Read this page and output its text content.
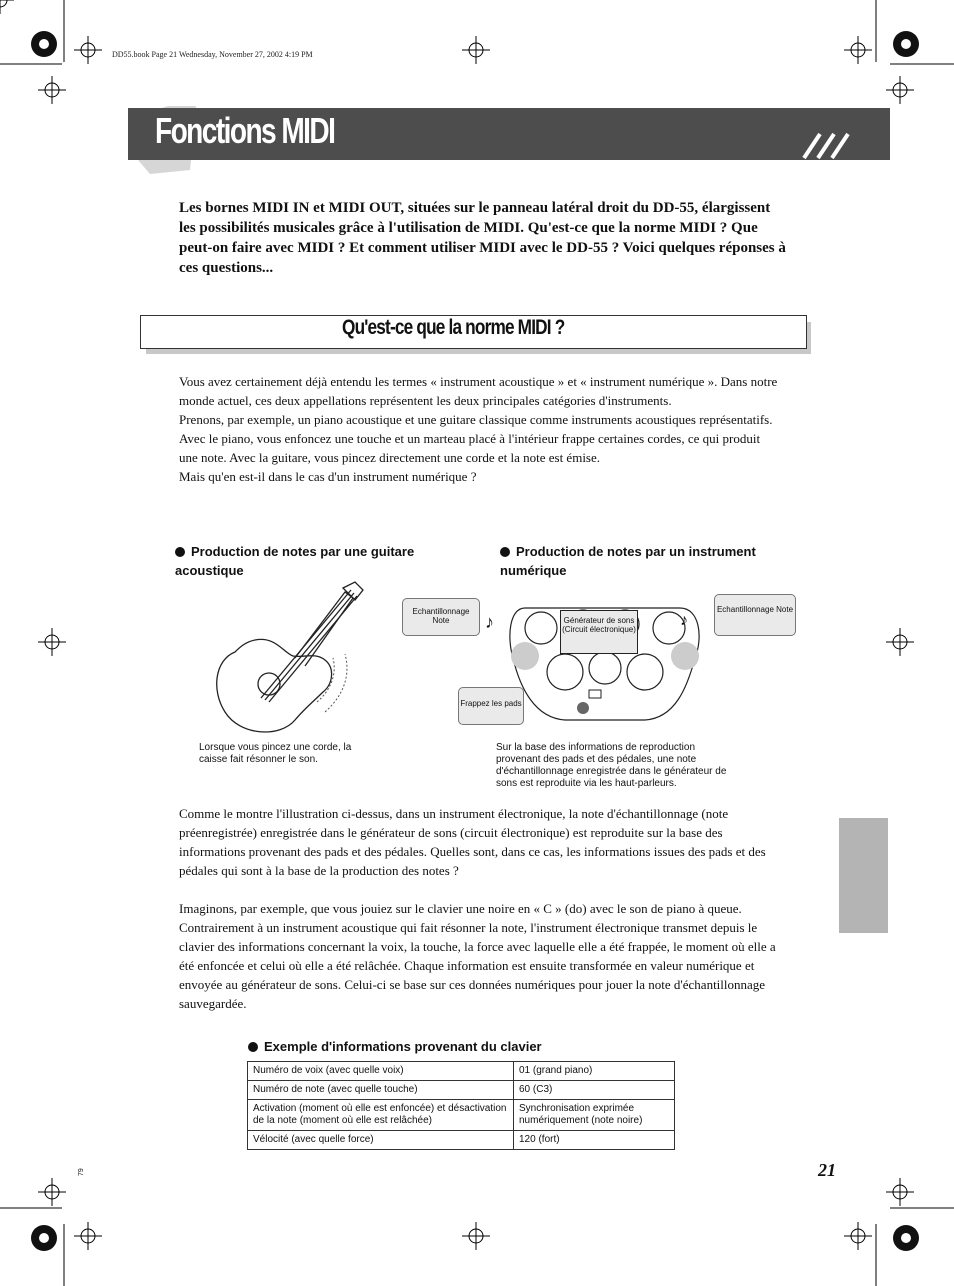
DD55.book Page 21 Wednesday, November 27, 2002 4:19 PM
Fonctions MIDI
Les bornes MIDI IN et MIDI OUT, situées sur le panneau latéral droit du DD-55, élargissent les possibilités musicales grâce à l'utilisation de MIDI. Qu'est-ce que la norme MIDI ? Que peut-on faire avec MIDI ? Et comment utiliser MIDI avec le DD-55 ? Voici quelques réponses à ces questions...
Qu'est-ce que la norme MIDI ?

Vous avez certainement déjà entendu les termes « instrument acoustique » et « instrument numérique ». Dans notre monde actuel, ces deux appellations représentent les deux principales catégories d'instruments.

Prenons, par exemple, un piano acoustique et une guitare classique comme instruments acoustiques représentatifs. Avec le piano, vous enfoncez une touche et un marteau placé à l'intérieur frappe certaines cordes, ce qui produit une note. Avec la guitare, vous pincez directement une corde et la note est émise.

Mais qu'en est-il dans le cas d'un instrument numérique ?

Production de notes par une guitare acoustique
Production de notes par un instrument numérique
Echantillonnage Note
Echantillonnage Note
Générateur de sons (Circuit électronique)
Frappez les pads
♪	♪
Lorsque vous pincez une corde, la caisse fait résonner le son.
Sur la base des informations de reproduction provenant des pads et des pédales, une note d'échantillonnage enregistrée dans le générateur de sons est reproduite via les haut-parleurs.

Comme le montre l'illustration ci-dessus, dans un instrument électronique, la note d'échantillonnage (note préenregistrée) enregistrée dans le générateur de sons (circuit électronique) est reproduite sur la base des informations provenant des pads et des pédales. Quelles sont, dans ce cas, les informations issues des pads et des pédales qui sont à la base de la production des notes ?

Imaginons, par exemple, que vous jouiez sur le clavier une noire en « C » (do) avec le son de piano à queue. Contrairement à un instrument acoustique qui fait résonner la note, l'instrument électronique transmet depuis le clavier des informations concernant la voix, la touche, la force avec laquelle elle a été frappée, le moment où elle a été enfoncée et celui où elle a été relâchée. Chaque information est ensuite transformée en valeur numérique et envoyée au générateur de sons. Celui-ci se base sur ces données numériques pour jouer la note d'échantillonnage sauvegardée.

Exemple d'informations provenant du clavier
Numéro de voix (avec quelle voix)	01 (grand piano)
Numéro de note (avec quelle touche)	60 (C3)
Activation (moment où elle est enfoncée) et désactivation de la note (moment où elle est relâchée)	Synchronisation exprimée numériquement (note noire)
Vélocité (avec quelle force)	120 (fort)
21
79
